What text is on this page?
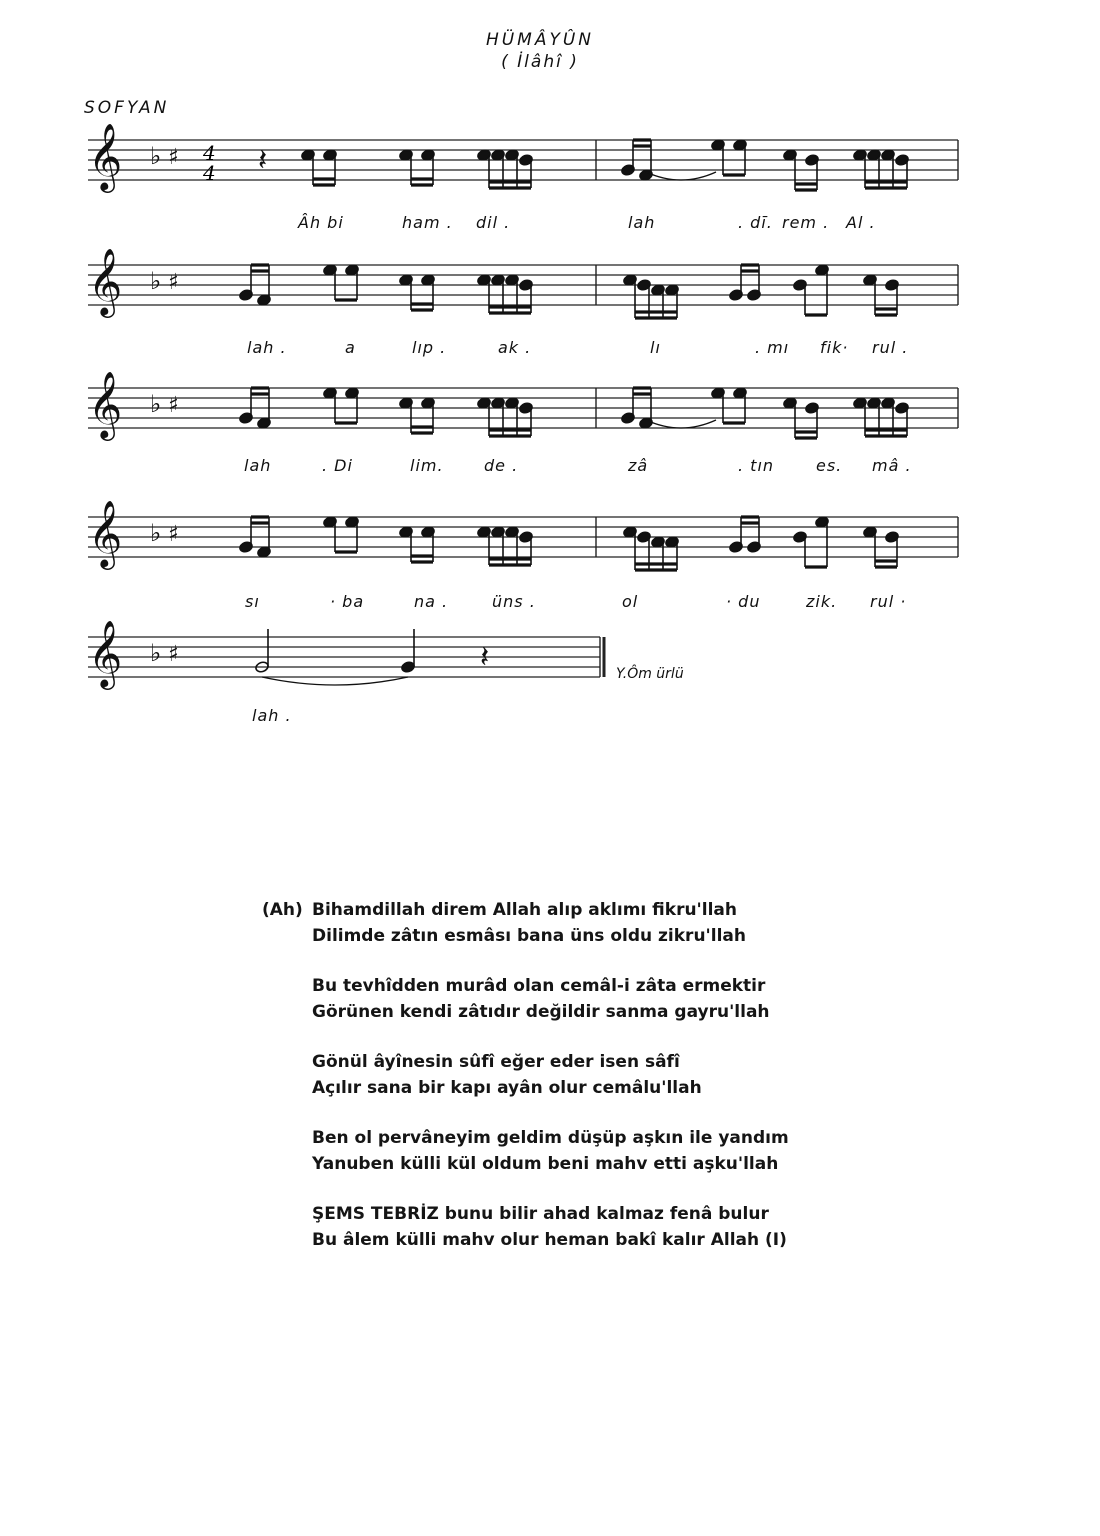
HÜMÂYÛN
( İlâhî )
SOFYAN
𝄞 ♭ ♯
𝄞 ♭ ♯
𝄞 ♭ ♯
𝄞 ♭ ♯
𝄞 ♭ ♯
𝄽
𝄽
4
4
Âh bi	ham . dil .	lah	. dī. rem . Al .
lah .	a	lıp .	ak .	lı	. mı fik· rul .
lah	. Di	lim.	de .	zâ	. tın	es. mâ .
sı	· ba	na .	üns .	ol	· du	zik. rul ·
lah .
Y.Ôm ürlü
(Ah) Bihamdillah direm Allah alıp aklımı fikru'llah
Dilimde zâtın esmâsı bana üns oldu zikru'llah
Bu tevhîdden murâd olan cemâl-i zâta ermektir
Görünen kendi zâtıdır değildir sanma gayru'llah
Gönül âyînesin sûfî eğer eder isen sâfî
Açılır sana bir kapı ayân olur cemâlu'llah
Ben ol pervâneyim geldim düşüp aşkın ile yandım
Yanuben külli kül oldum beni mahv etti aşku'llah
ŞEMS TEBRİZ bunu bilir ahad kalmaz fenâ bulur
Bu âlem külli mahv olur heman bakî kalır Allah (I)
